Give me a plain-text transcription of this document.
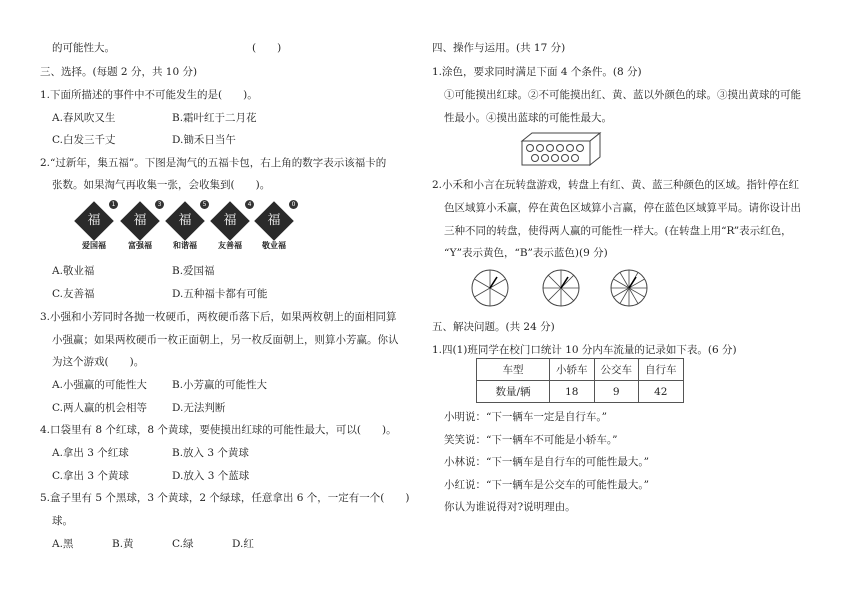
的可能性大。	(　　)
三、选择。(每题 2 分，共 10 分)
1.下面所描述的事件中不可能发生的是(　　)。
A.春风吹又生	B.霜叶红于二月花
C.白发三千丈	D.锄禾日当午
2.“过新年，集五福”。下图是淘气的五福卡包，右上角的数字表示该福卡的
张数。如果淘气再收集一张，会收集到(　　)。
福
1
爱国福
福
3
富强福
福
5
和谐福
福
4
友善福
福
0
敬业福
A.敬业福	B.爱国福
C.友善福	D.五种福卡都有可能
3.小强和小芳同时各抛一枚硬币，两枚硬币落下后，如果两枚朝上的面相同算
小强赢；如果两枚硬币一枚正面朝上，另一枚反面朝上，则算小芳赢。你认
为这个游戏(　　)。
A.小强赢的可能性大 B.小芳赢的可能性大
C.两人赢的机会相等 D.无法判断
4.口袋里有 8 个红球，8 个黄球，要使摸出红球的可能性最大，可以(　　)。
A.拿出 3 个红球	B.放入 3 个黄球
C.拿出 3 个黄球	D.放入 3 个蓝球
5.盒子里有 5 个黑球，3 个黄球，2 个绿球，任意拿出 6 个，一定有一个(　　)
球。
A.黑	B.黄	C.绿	D.红
四、操作与运用。(共 17 分)
1.涂色，要求同时满足下面 4 个条件。(8 分)
①可能摸出红球。②不可能摸出红、黄、蓝以外颜色的球。③摸出黄球的可能
性最小。④摸出蓝球的可能性最大。
2.小禾和小言在玩转盘游戏，转盘上有红、黄、蓝三种颜色的区域。指针停在红
色区域算小禾赢，停在黄色区域算小言赢，停在蓝色区域算平局。请你设计出
三种不同的转盘，使得两人赢的可能性一样大。(在转盘上用“R”表示红色，
“Y”表示黄色，“B”表示蓝色)(9 分)
五、解决问题。(共 24 分)
1.四(1)班同学在校门口统计 10 分内车流量的记录如下表。(6 分)
车型	小轿车	公交车	自行车
数量/辆	18	9	42
小明说：“下一辆车一定是自行车。”
笑笑说：“下一辆车不可能是小轿车。”
小林说：“下一辆车是自行车的可能性最大。”
小红说：“下一辆车是公交车的可能性最大。”
你认为谁说得对?说明理由。
